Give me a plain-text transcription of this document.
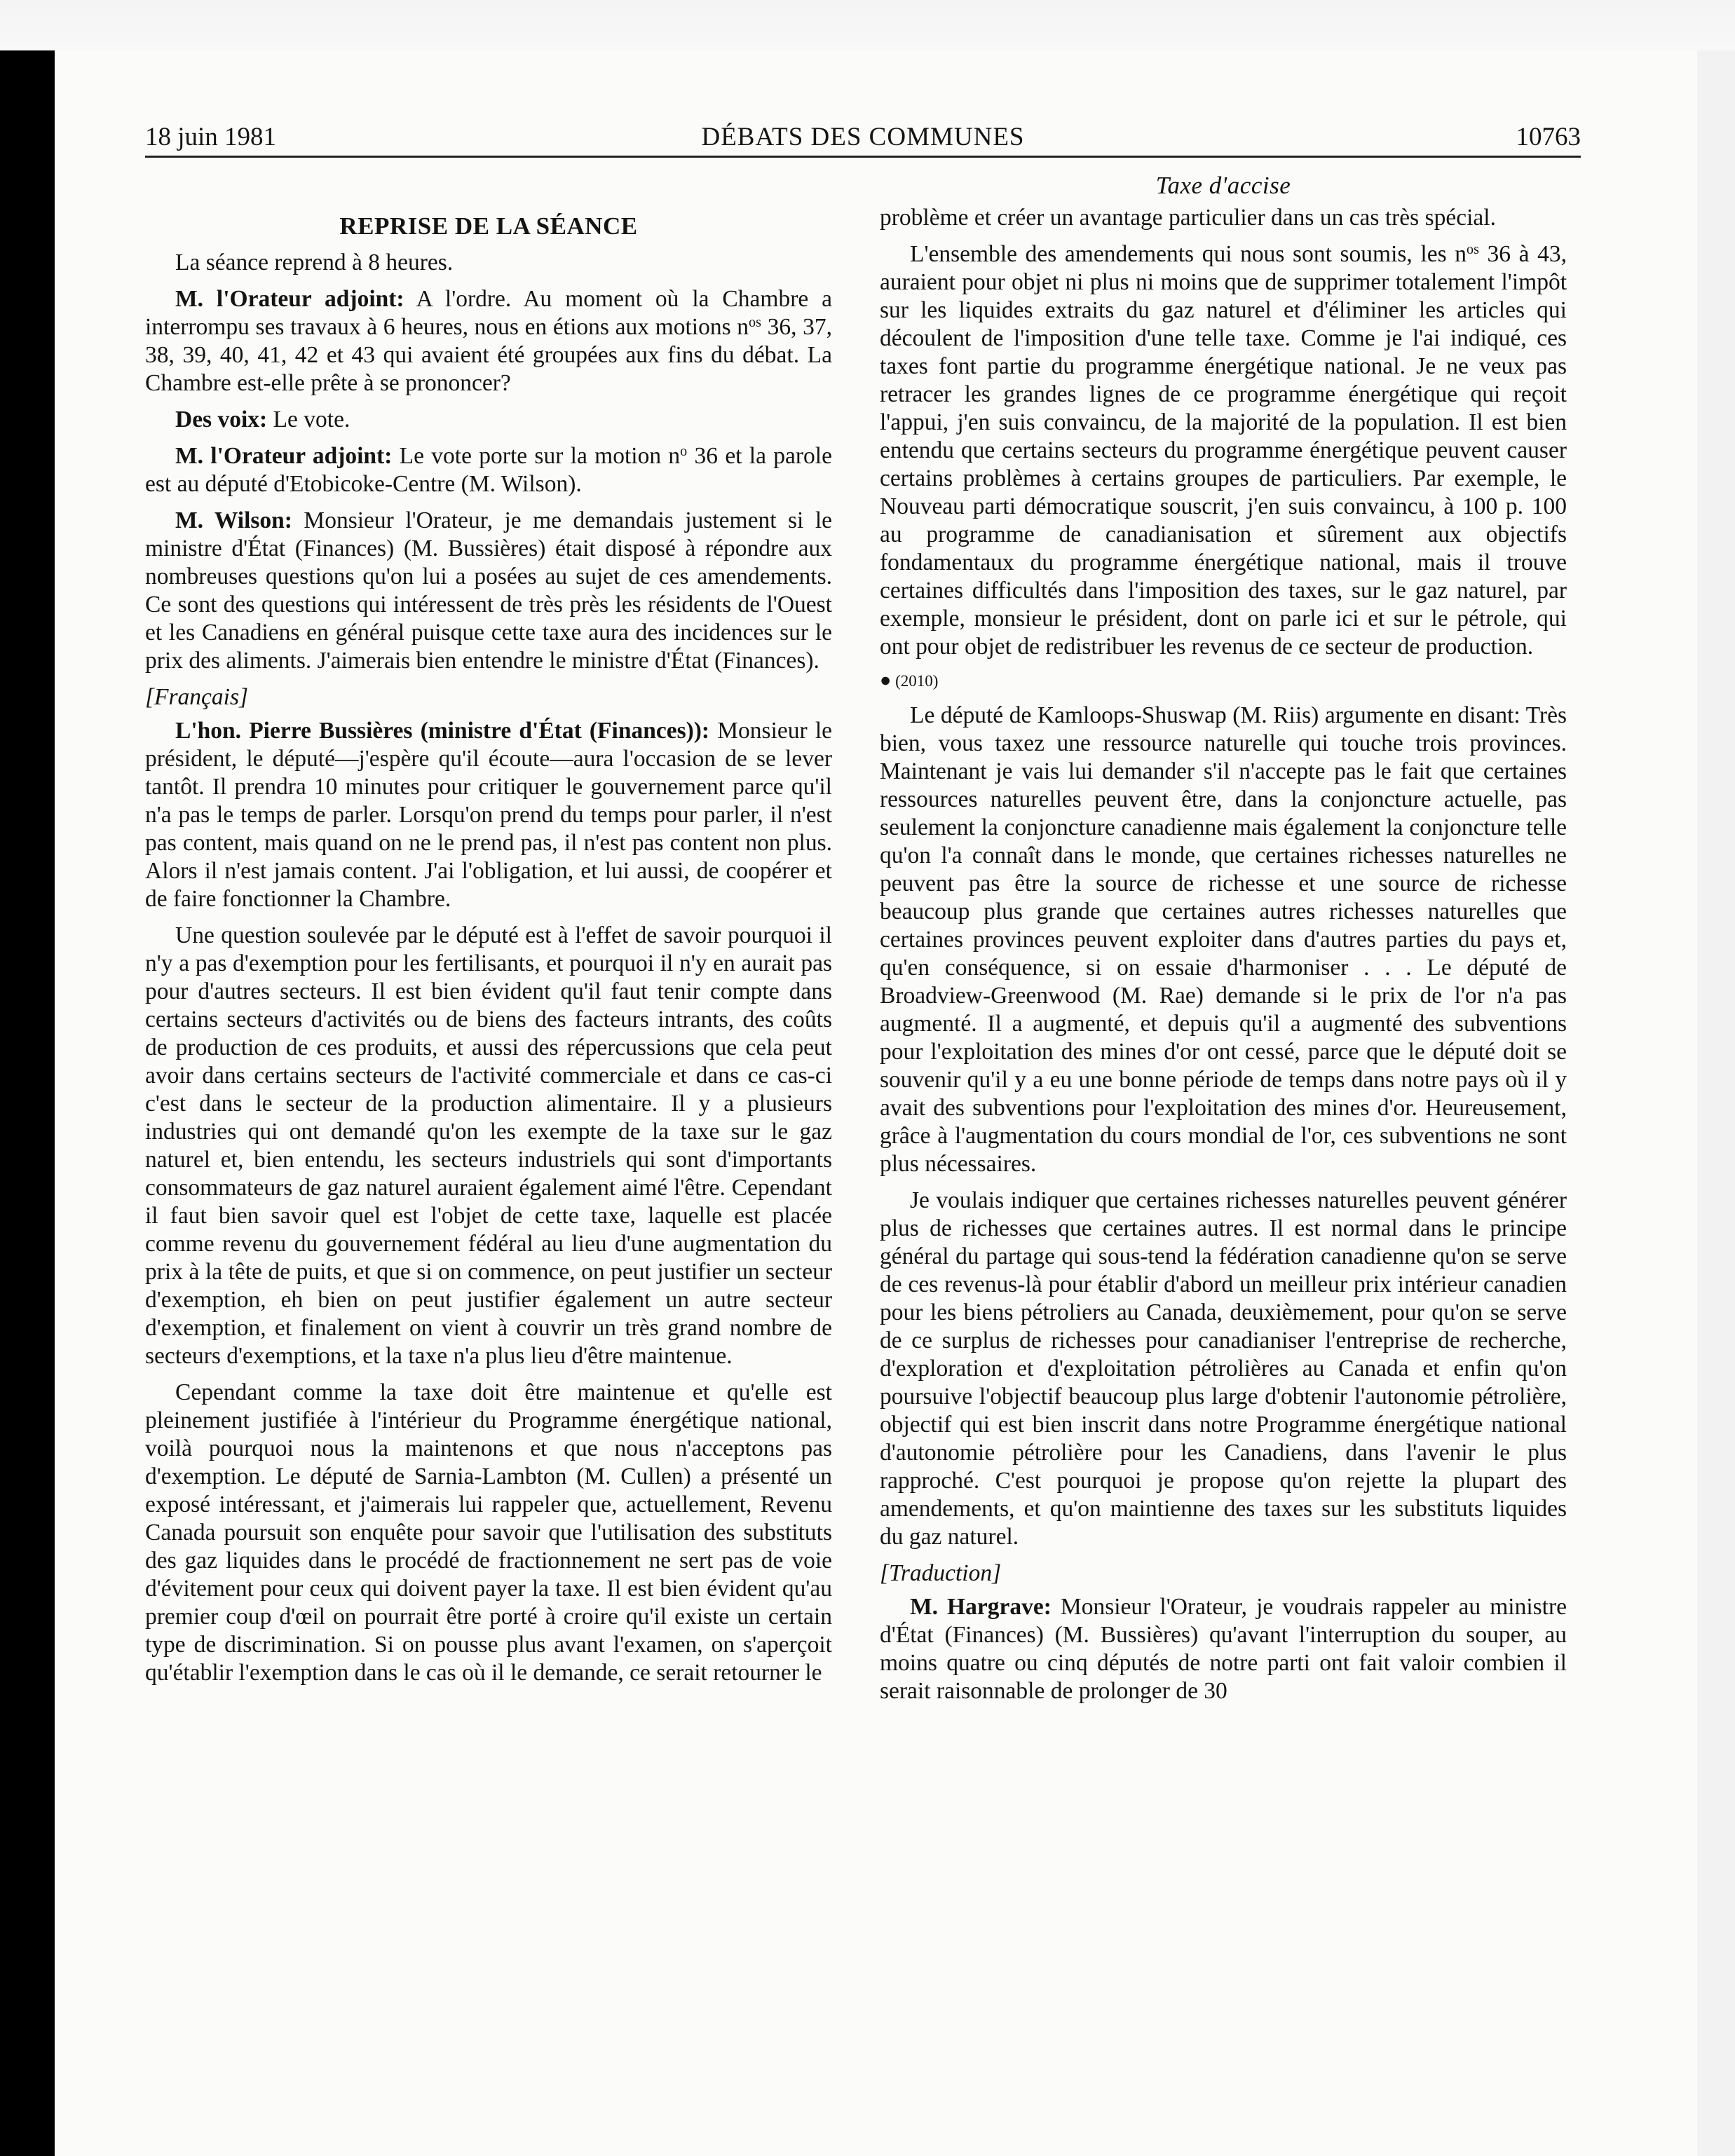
18 juin 1981	DÉBATS DES COMMUNES	10763
REPRISE DE LA SÉANCE

La séance reprend à 8 heures.

M. l'Orateur adjoint: A l'ordre. Au moment où la Chambre a interrompu ses travaux à 6 heures, nous en étions aux motions $n^{os}$ 36, 37, 38, 39, 40, 41, 42 et 43 qui avaient été groupées aux fins du débat. La Chambre est-elle prête à se prononcer?

Des voix: Le vote.

M. l'Orateur adjoint: Le vote porte sur la motion $n^o$ 36 et la parole est au député d'Etobicoke-Centre (M. Wilson).

M. Wilson: Monsieur l'Orateur, je me demandais justement si le ministre d'État (Finances) (M. Bussières) était disposé à répondre aux nombreuses questions qu'on lui a posées au sujet de ces amendements. Ce sont des questions qui intéressent de très près les résidents de l'Ouest et les Canadiens en général puisque cette taxe aura des incidences sur le prix des aliments. J'aimerais bien entendre le ministre d'État (Finances).

[Français]

L'hon. Pierre Bussières (ministre d'État (Finances)): Monsieur le président, le député—j'espère qu'il écoute—aura l'occasion de se lever tantôt. Il prendra 10 minutes pour critiquer le gouvernement parce qu'il n'a pas le temps de parler. Lorsqu'on prend du temps pour parler, il n'est pas content, mais quand on ne le prend pas, il n'est pas content non plus. Alors il n'est jamais content. J'ai l'obligation, et lui aussi, de coopérer et de faire fonctionner la Chambre.

Une question soulevée par le député est à l'effet de savoir pourquoi il n'y a pas d'exemption pour les fertilisants, et pourquoi il n'y en aurait pas pour d'autres secteurs. Il est bien évident qu'il faut tenir compte dans certains secteurs d'activités ou de biens des facteurs intrants, des coûts de production de ces produits, et aussi des répercussions que cela peut avoir dans certains secteurs de l'activité commerciale et dans ce cas-ci c'est dans le secteur de la production alimentaire. Il y a plusieurs industries qui ont demandé qu'on les exempte de la taxe sur le gaz naturel et, bien entendu, les secteurs industriels qui sont d'importants consommateurs de gaz naturel auraient également aimé l'être. Cependant il faut bien savoir quel est l'objet de cette taxe, laquelle est placée comme revenu du gouvernement fédéral au lieu d'une augmentation du prix à la tête de puits, et que si on commence, on peut justifier un secteur d'exemption, eh bien on peut justifier également un autre secteur d'exemption, et finalement on vient à couvrir un très grand nombre de secteurs d'exemptions, et la taxe n'a plus lieu d'être maintenue.

Cependant comme la taxe doit être maintenue et qu'elle est pleinement justifiée à l'intérieur du Programme énergétique national, voilà pourquoi nous la maintenons et que nous n'acceptons pas d'exemption. Le député de Sarnia-Lambton (M. Cullen) a présenté un exposé intéressant, et j'aimerais lui rappeler que, actuellement, Revenu Canada poursuit son enquête pour savoir que l'utilisation des substituts des gaz liquides dans le procédé de fractionnement ne sert pas de voie d'évitement pour ceux qui doivent payer la taxe. Il est bien évident qu'au premier coup d'œil on pourrait être porté à croire qu'il existe un certain type de discrimination. Si on pousse plus avant l'examen, on s'aperçoit qu'établir l'exemption dans le cas où il le demande, ce serait retourner le

Taxe d'accise

problème et créer un avantage particulier dans un cas très spécial.

L'ensemble des amendements qui nous sont soumis, les $n^{os}$ 36 à 43, auraient pour objet ni plus ni moins que de supprimer totalement l'impôt sur les liquides extraits du gaz naturel et d'éliminer les articles qui découlent de l'imposition d'une telle taxe. Comme je l'ai indiqué, ces taxes font partie du programme énergétique national. Je ne veux pas retracer les grandes lignes de ce programme énergétique qui reçoit l'appui, j'en suis convaincu, de la majorité de la population. Il est bien entendu que certains secteurs du programme énergétique peuvent causer certains problèmes à certains groupes de particuliers. Par exemple, le Nouveau parti démocratique souscrit, j'en suis convaincu, à 100 p. 100 au programme de canadianisation et sûrement aux objectifs fondamentaux du programme énergétique national, mais il trouve certaines difficultés dans l'imposition des taxes, sur le gaz naturel, par exemple, monsieur le président, dont on parle ici et sur le pétrole, qui ont pour objet de redistribuer les revenus de ce secteur de production.

● (2010)

Le député de Kamloops-Shuswap (M. Riis) argumente en disant: Très bien, vous taxez une ressource naturelle qui touche trois provinces. Maintenant je vais lui demander s'il n'accepte pas le fait que certaines ressources naturelles peuvent être, dans la conjoncture actuelle, pas seulement la conjoncture canadienne mais également la conjoncture telle qu'on l'a connaît dans le monde, que certaines richesses naturelles ne peuvent pas être la source de richesse et une source de richesse beaucoup plus grande que certaines autres richesses naturelles que certaines provinces peuvent exploiter dans d'autres parties du pays et, qu'en conséquence, si on essaie d'harmoniser . . . Le député de Broadview-Greenwood (M. Rae) demande si le prix de l'or n'a pas augmenté. Il a augmenté, et depuis qu'il a augmenté des subventions pour l'exploitation des mines d'or ont cessé, parce que le député doit se souvenir qu'il y a eu une bonne période de temps dans notre pays où il y avait des subventions pour l'exploitation des mines d'or. Heureusement, grâce à l'augmentation du cours mondial de l'or, ces subventions ne sont plus nécessaires.

Je voulais indiquer que certaines richesses naturelles peuvent générer plus de richesses que certaines autres. Il est normal dans le principe général du partage qui sous-tend la fédération canadienne qu'on se serve de ces revenus-là pour établir d'abord un meilleur prix intérieur canadien pour les biens pétroliers au Canada, deuxièmement, pour qu'on se serve de ce surplus de richesses pour canadianiser l'entreprise de recherche, d'exploration et d'exploitation pétrolières au Canada et enfin qu'on poursuive l'objectif beaucoup plus large d'obtenir l'autonomie pétrolière, objectif qui est bien inscrit dans notre Programme énergétique national d'autonomie pétrolière pour les Canadiens, dans l'avenir le plus rapproché. C'est pourquoi je propose qu'on rejette la plupart des amendements, et qu'on maintienne des taxes sur les substituts liquides du gaz naturel.

[Traduction]

M. Hargrave: Monsieur l'Orateur, je voudrais rappeler au ministre d'État (Finances) (M. Bussières) qu'avant l'interruption du souper, au moins quatre ou cinq députés de notre parti ont fait valoir combien il serait raisonnable de prolonger de 30
